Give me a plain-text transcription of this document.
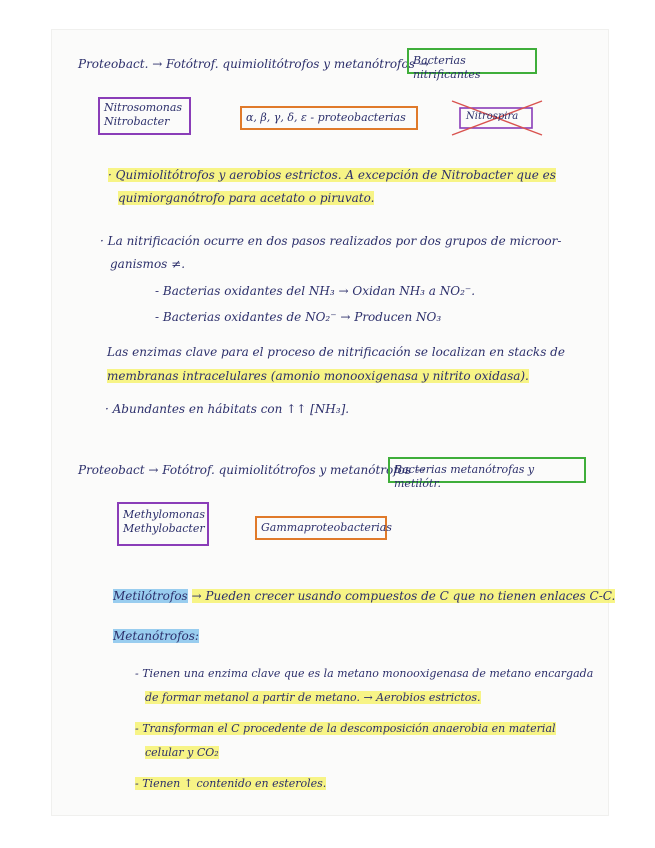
Proteobact. → Fotótrof. quimiolitótrofos y metanótrofos →
Bacterias nitrificantes
Nitrosomonas
Nitrobacter	α, β, γ, δ, ε - proteobacterias	Nitrospira
· Quimiolitótrofos y aerobios estrictos. A excepción de Nitrobacter que es
quimiorganótrofo para acetato o piruvato.
· La nitrificación ocurre en dos pasos realizados por dos grupos de microor-
ganismos ≠.
- Bacterias oxidantes del NH₃ → Oxidan NH₃ a NO₂⁻.
- Bacterias oxidantes de NO₂⁻ → Producen NO₃
Las enzimas clave para el proceso de nitrificación se localizan en stacks de
membranas intracelulares (amonio monooxigenasa y nitrito oxidasa).
· Abundantes en hábitats con ↑↑ [NH₃].
Proteobact → Fotótrof. quimiolitótrofos y metanótrofos →
Bacterias metanótrofas y metilótr.
Methylomonas
Methylobacter	Gammaproteobacterias
Metilótrofos → Pueden crecer usando compuestos de C que no tienen enlaces C-C.
Metanótrofos:
- Tienen una enzima clave que es la metano monooxigenasa de metano encargada
de formar metanol a partir de metano. → Aerobios estrictos.
- Transforman el C procedente de la descomposición anaerobia en material
celular y CO₂
- Tienen ↑ contenido en esteroles.
